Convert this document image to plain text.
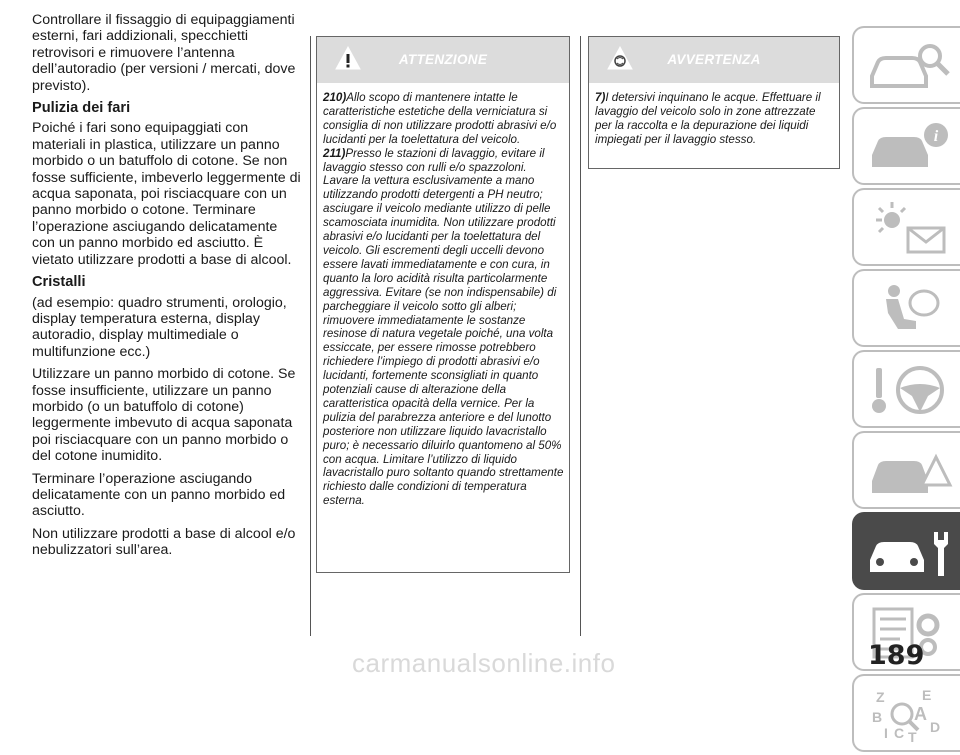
Controllare il fissaggio di equipaggiamenti esterni, fari addizionali, specchietti retrovisori e rimuovere l’antenna dell’autoradio (per versioni / mercati, dove previsto).

Pulizia dei fari

Poiché i fari sono equipaggiati con materiali in plastica, utilizzare un panno morbido o un batuffolo di cotone. Se non fosse sufficiente, imbeverlo leggermente di acqua saponata, poi risciacquare con un panno morbido o cotone. Terminare l’operazione asciugando delicatamente con un panno morbido ed asciutto. È vietato utilizzare prodotti a base di alcool.

Cristalli

(ad esempio: quadro strumenti, orologio, display temperatura esterna, display autoradio, display multimediale o multifunzione ecc.)

Utilizzare un panno morbido di cotone. Se fosse insufficiente, utilizzare un panno morbido (o un batuffolo di cotone) leggermente imbevuto di acqua saponata poi risciacquare con un panno morbido o del cotone inumidito.

Terminare l’operazione asciugando delicatamente con un panno morbido ed asciutto.

Non utilizzare prodotti a base di alcool e/o nebulizzatori sull’area.

ATTENZIONE
210)Allo scopo di mantenere intatte le caratteristiche estetiche della verniciatura si consiglia di non utilizzare prodotti abrasivi e/o lucidanti per la toelettatura del veicolo.
211)Presso le stazioni di lavaggio, evitare il lavaggio stesso con rulli e/o spazzoloni. Lavare la vettura esclusivamente a mano utilizzando prodotti detergenti a PH neutro; asciugare il veicolo mediante utilizzo di pelle scamosciata inumidita. Non utilizzare prodotti abrasivi e/o lucidanti per la toelettatura del veicolo. Gli escrementi degli uccelli devono essere lavati immediatamente e con cura, in quanto la loro acidità risulta particolarmente aggressiva. Evitare (se non indispensabile) di parcheggiare il veicolo sotto gli alberi; rimuovere immediatamente le sostanze resinose di natura vegetale poiché, una volta essiccate, per essere rimosse potrebbero richiedere l’impiego di prodotti abrasivi e/o lucidanti, fortemente sconsigliati in quanto potenziali cause di alterazione della caratteristica opacità della vernice. Per la pulizia del parabrezza anteriore e del lunotto posteriore non utilizzare liquido lavacristallo puro; è necessario diluirlo quantomeno al 50% con acqua. Limitare l’utilizzo di liquido lavacristallo puro soltanto quando strettamente richiesto dalle condizioni di temperatura esterna.
AVVERTENZA
7)I detersivi inquinano le acque. Effettuare il lavaggio del veicolo solo in zone attrezzate per la raccolta e la depurazione dei liquidi impiegati per il lavaggio stesso.	i
Z	E
B A
I C T
D
189
carmanualsonline.info
